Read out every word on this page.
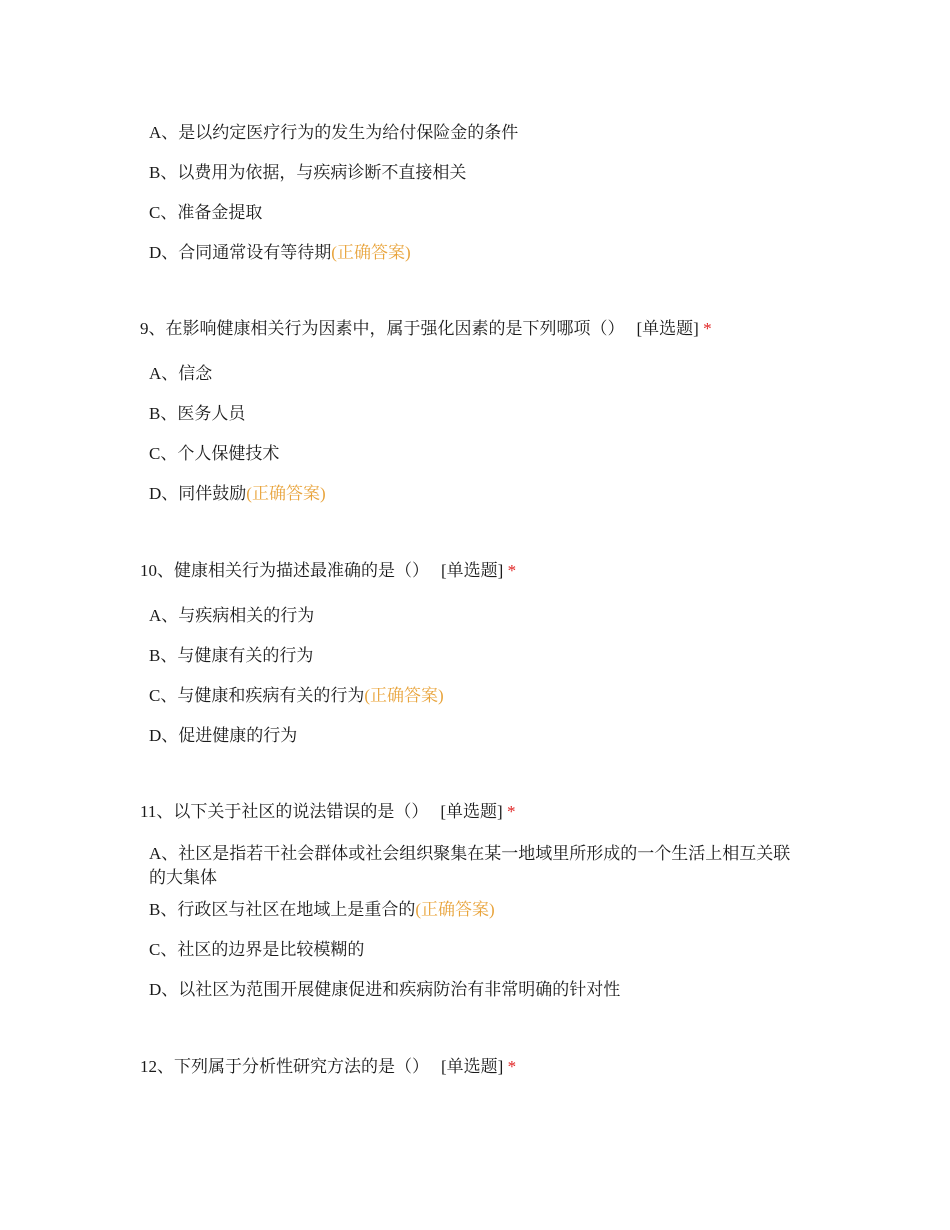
A、是以约定医疗行为的发生为给付保险金的条件
B、以费用为依据，与疾病诊断不直接相关
C、准备金提取
D、合同通常设有等待期(正确答案)
9、在影响健康相关行为因素中，属于强化因素的是下列哪项（） [单选题] *
A、信念
B、医务人员
C、个人保健技术
D、同伴鼓励(正确答案)
10、健康相关行为描述最准确的是（） [单选题] *
A、与疾病相关的行为
B、与健康有关的行为
C、与健康和疾病有关的行为(正确答案)
D、促进健康的行为
11、以下关于社区的说法错误的是（） [单选题] *
A、社区是指若干社会群体或社会组织聚集在某一地域里所形成的一个生活上相互关联的大集体
B、行政区与社区在地域上是重合的(正确答案)
C、社区的边界是比较模糊的
D、以社区为范围开展健康促进和疾病防治有非常明确的针对性
12、下列属于分析性研究方法的是（） [单选题] *
